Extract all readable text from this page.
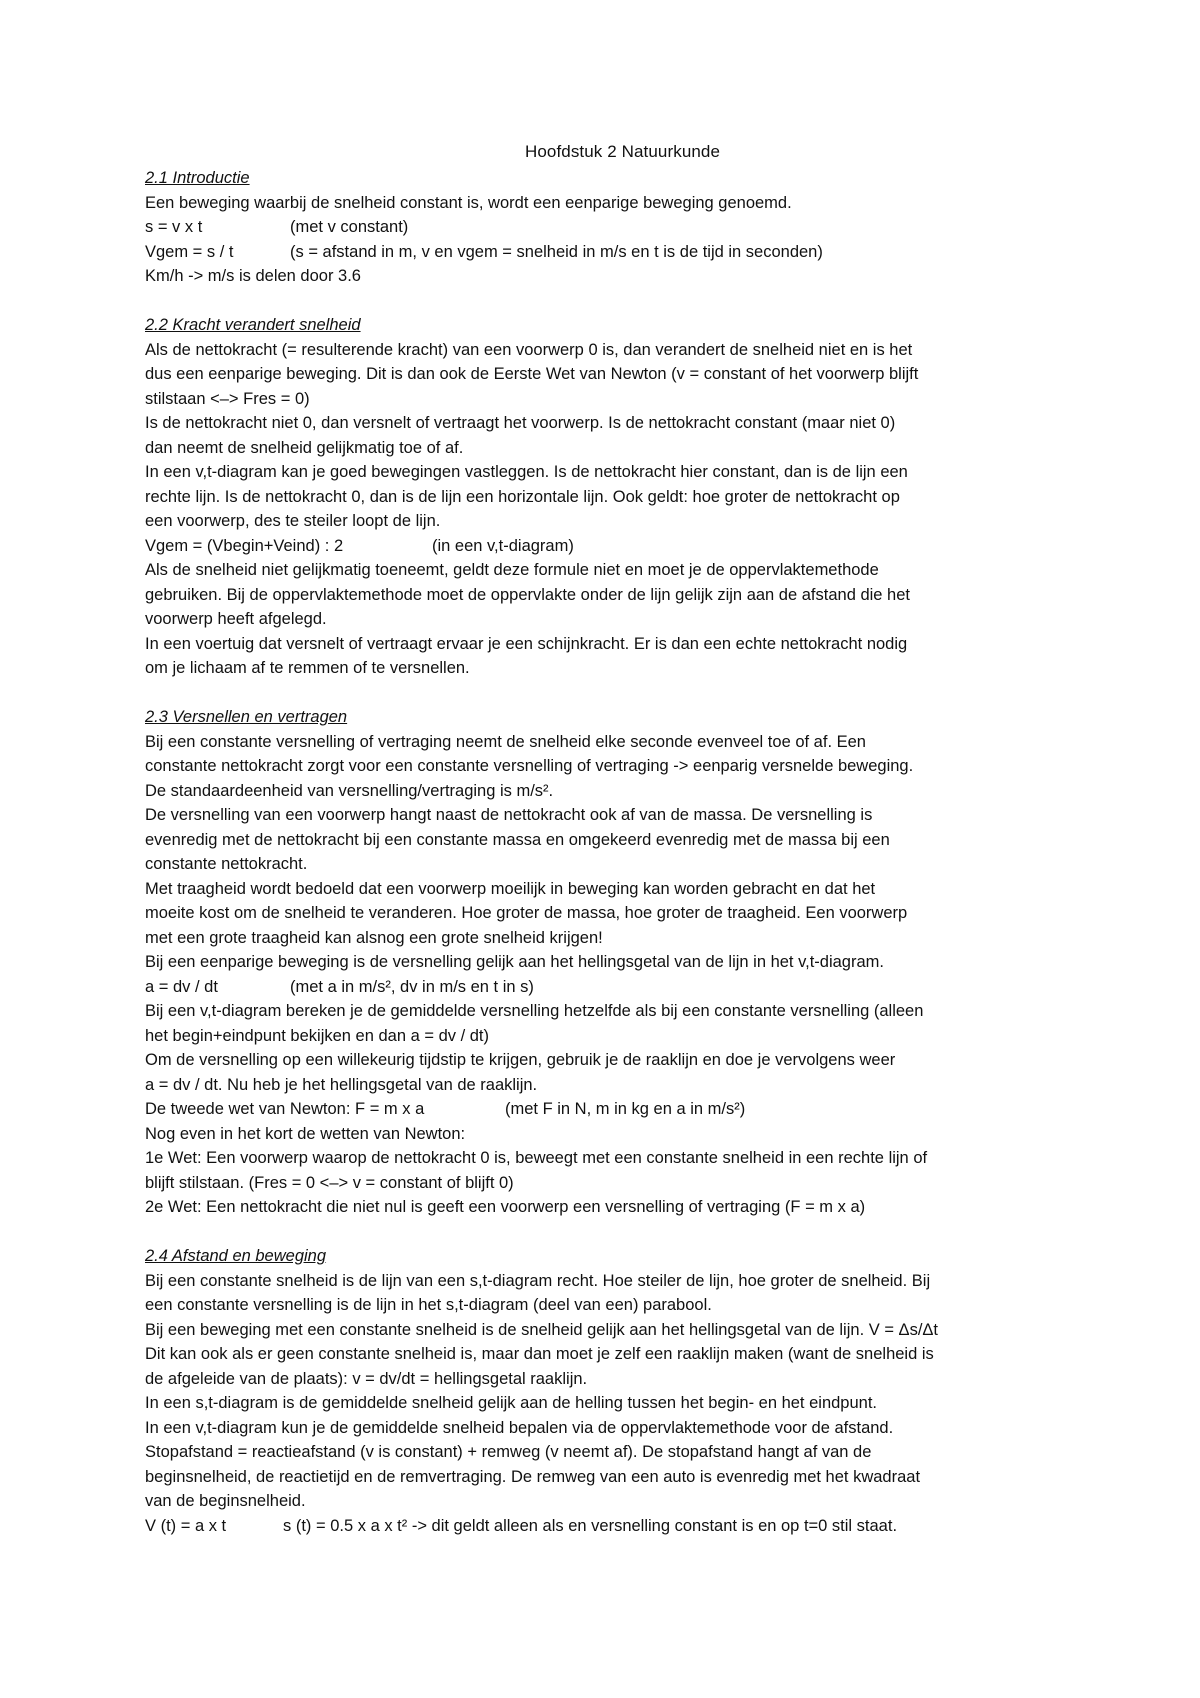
Hoofdstuk 2 Natuurkunde
2.1 Introductie
Een beweging waarbij de snelheid constant is, wordt een eenparige beweging genoemd.
s = v x t	(met v constant)
Vgem = s / t	(s = afstand in m, v en vgem = snelheid in m/s en t is de tijd in seconden)
Km/h -> m/s is delen door 3.6
2.2 Kracht verandert snelheid
Als de nettokracht (= resulterende kracht) van een voorwerp 0 is, dan verandert de snelheid niet en is het
dus een eenparige beweging. Dit is dan ook de Eerste Wet van Newton (v = constant of het voorwerp blijft
stilstaan <–> Fres = 0)
Is de nettokracht niet 0, dan versnelt of vertraagt het voorwerp. Is de nettokracht constant (maar niet 0)
dan neemt de snelheid gelijkmatig toe of af.
In een v,t-diagram kan je goed bewegingen vastleggen. Is de nettokracht hier constant, dan is de lijn een
rechte lijn. Is de nettokracht 0, dan is de lijn een horizontale lijn. Ook geldt: hoe groter de nettokracht op
een voorwerp, des te steiler loopt de lijn.
Vgem = (Vbegin+Veind) : 2	(in een v,t-diagram)
Als de snelheid niet gelijkmatig toeneemt, geldt deze formule niet en moet je de oppervlaktemethode
gebruiken. Bij de oppervlaktemethode moet de oppervlakte onder de lijn gelijk zijn aan de afstand die het
voorwerp heeft afgelegd.
In een voertuig dat versnelt of vertraagt ervaar je een schijnkracht. Er is dan een echte nettokracht nodig
om je lichaam af te remmen of te versnellen.
2.3 Versnellen en vertragen
Bij een constante versnelling of vertraging neemt de snelheid elke seconde evenveel toe of af. Een
constante nettokracht zorgt voor een constante versnelling of vertraging -> eenparig versnelde beweging.
De standaardeenheid van versnelling/vertraging is m/s².
De versnelling van een voorwerp hangt naast de nettokracht ook af van de massa. De versnelling is
evenredig met de nettokracht bij een constante massa en omgekeerd evenredig met de massa bij een
constante nettokracht.
Met traagheid wordt bedoeld dat een voorwerp moeilijk in beweging kan worden gebracht en dat het
moeite kost om de snelheid te veranderen. Hoe groter de massa, hoe groter de traagheid. Een voorwerp
met een grote traagheid kan alsnog een grote snelheid krijgen!
Bij een eenparige beweging is de versnelling gelijk aan het hellingsgetal van de lijn in het v,t-diagram.
a = dv / dt	(met a in m/s², dv in m/s en t in s)
Bij een v,t-diagram bereken je de gemiddelde versnelling hetzelfde als bij een constante versnelling (alleen
het begin+eindpunt bekijken en dan a = dv / dt)
Om de versnelling op een willekeurig tijdstip te krijgen, gebruik je de raaklijn en doe je vervolgens weer
a = dv / dt. Nu heb je het hellingsgetal van de raaklijn.
De tweede wet van Newton: F = m x a	(met F in N, m in kg en a in m/s²)
Nog even in het kort de wetten van Newton:
1e Wet: Een voorwerp waarop de nettokracht 0 is, beweegt met een constante snelheid in een rechte lijn of
blijft stilstaan. (Fres = 0 <–> v = constant of blijft 0)
2e Wet: Een nettokracht die niet nul is geeft een voorwerp een versnelling of vertraging (F = m x a)
2.4 Afstand en beweging
Bij een constante snelheid is de lijn van een s,t-diagram recht. Hoe steiler de lijn, hoe groter de snelheid. Bij
een constante versnelling is de lijn in het s,t-diagram (deel van een) parabool.
Bij een beweging met een constante snelheid is de snelheid gelijk aan het hellingsgetal van de lijn. V = Δs/Δt
Dit kan ook als er geen constante snelheid is, maar dan moet je zelf een raaklijn maken (want de snelheid is
de afgeleide van de plaats): v = dv/dt = hellingsgetal raaklijn.
In een s,t-diagram is de gemiddelde snelheid gelijk aan de helling tussen het begin- en het eindpunt.
In een v,t-diagram kun je de gemiddelde snelheid bepalen via de oppervlaktemethode voor de afstand.
Stopafstand = reactieafstand (v is constant) + remweg (v neemt af). De stopafstand hangt af van de
beginsnelheid, de reactietijd en de remvertraging. De remweg van een auto is evenredig met het kwadraat
van de beginsnelheid.
V (t) = a x t	s (t) = 0.5 x a x t² -> dit geldt alleen als en versnelling constant is en op t=0 stil staat.
